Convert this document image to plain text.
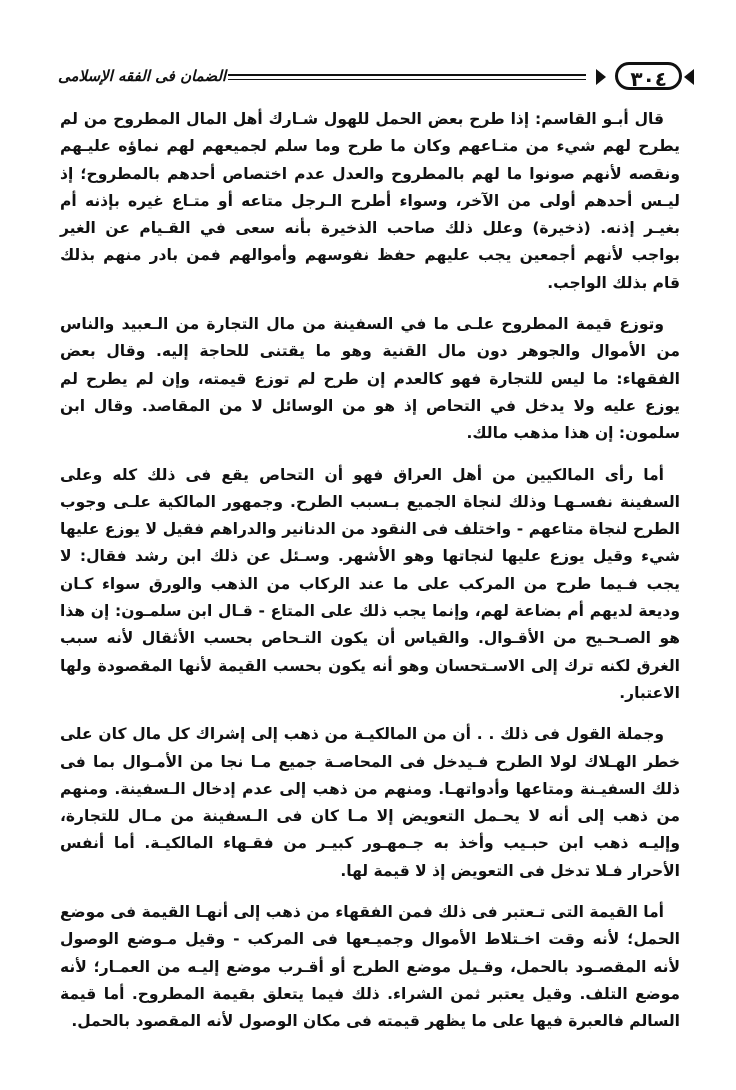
٣٠٤
الضمان فى الفقه الإسلامى

قال أبـو القاسم: إذا طرح بعض الحمل للهول شـارك أهل المال المطروح من لم يطرح لهم شيء من متـاعهم وكان ما طرح وما سلم لجميعهم لهم نماؤه عليـهم ونقصه لأنهم صونوا ما لهم بالمطروح والعدل عدم اختصاص أحدهم بالمطروح؛ إذ ليـس أحدهم أولى من الآخر، وسواء أطرح الـرجل متاعه أو متـاع غيره بإذنه أم بغيـر إذنه. (ذخيرة) وعلل ذلك صاحب الذخيرة بأنه سعى في القـيام عن الغير بواجب لأنهم أجمعين يجب عليهم حفظ نفوسهم وأموالهم فمن بادر منهم بذلك قام بذلك الواجب.

وتوزع قيمة المطروح علـى ما في السفينة من مال التجارة من الـعبيد والناس من الأموال والجوهر دون مال القنية وهو ما يقتنى للحاجة إليه. وقال بعض الفقهاء: ما ليس للتجارة فهو كالعدم إن طرح لم توزع قيمته، وإن لم يطرح لم يوزع عليه ولا يدخل في التحاص إذ هو من الوسائل لا من المقاصد. وقال ابن سلمون: إن هذا مذهب مالك.

أما رأى المالكيين من أهل العراق فهو أن التحاص يقع فى ذلك كله وعلى السفينة نفسـهـا وذلك لنجاة الجميع بـسبب الطرح. وجمهور المالكية علـى وجوب الطرح لنجاة متاعهم - واختلف فى النقود من الدنانير والدراهم فقيل لا يوزع عليها شيء وقيل يوزع عليها لنجاتها وهو الأشهر. وسـئل عن ذلك ابن رشد فقال: لا يجب فـيما طرح من المركب على ما عند الركاب من الذهب والورق سواء كـان وديعة لديهم أم بضاعة لهم، وإنما يجب ذلك على المتاع - قـال ابن سلمـون: إن هذا هو الصـحـيح من الأقـوال. والقياس أن يكون التـحاص بحسب الأثقال لأنه سبب الغرق لكنه ترك إلى الاسـتحسان وهو أنه يكون بحسب القيمة لأنها المقصودة ولها الاعتبار.

وجملة القول فى ذلك . . أن من المالكيـة من ذهب إلى إشراك كل مال كان على خطر الهـلاك لولا الطرح فـيدخل فى المحاصـة جميع مـا نجا من الأمـوال بما فى ذلك السفيـنة ومتاعها وأدواتهـا. ومنهم من ذهب إلى عدم إدخال الـسفينة. ومنهم من ذهب إلى أنه لا يحـمل التعويض إلا مـا كان فى الـسفينة من مـال للتجارة، وإليـه ذهب ابن حبـيب وأخذ به جـمهـور كبيـر من فقـهاء المالكيـة. أما أنفس الأحرار فـلا تدخل فى التعويض إذ لا قيمة لها.

أما القيمة التى تـعتبر فى ذلك فمن الفقهاء من ذهب إلى أنهـا القيمة فى موضع الحمل؛ لأنه وقت اخـتلاط الأموال وجميـعها فى المركب - وقيل مـوضع الوصول لأنه المقصـود بالحمل، وقـيل موضع الطرح أو أقـرب موضع إليـه من العمـار؛ لأنه موضع التلف. وقيل يعتبر ثمن الشراء. ذلك فيما يتعلق بقيمة المطروح. أما قيمة السالم فالعبرة فيها على ما يظهر قيمته فى مكان الوصول لأنه المقصود بالحمل.
